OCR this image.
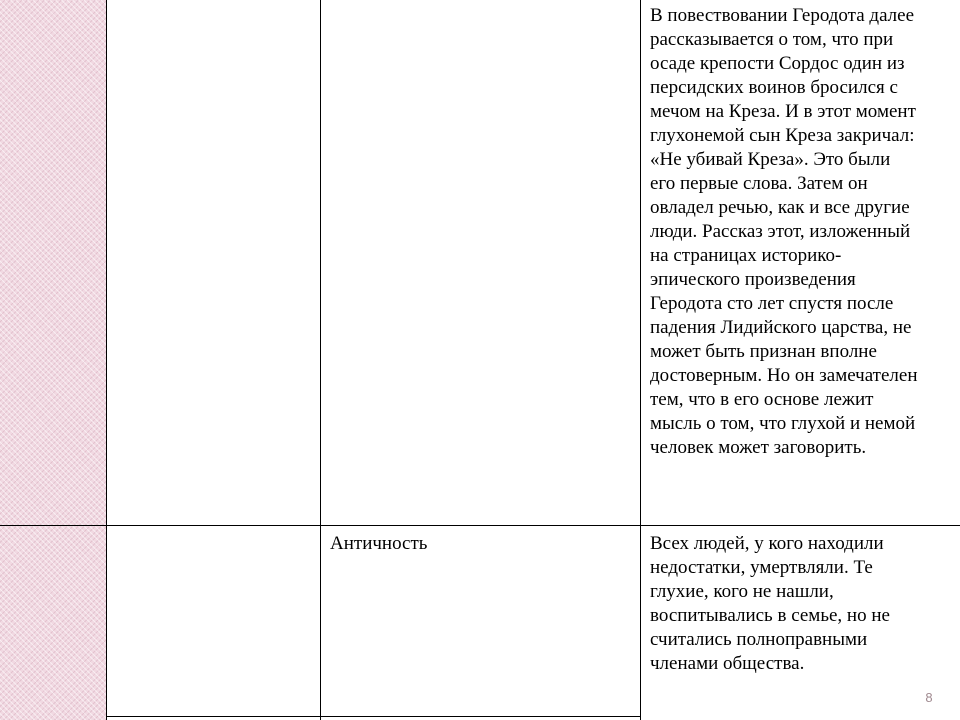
В повествовании Геродота далее
рассказывается о том, что при
осаде крепости Сордос один из
персидских воинов бросился с
мечом на Креза. И в этот момент
глухонемой сын Креза закричал:
«Не убивай Креза». Это были
его первые слова. Затем он
овладел речью, как и все другие
люди. Рассказ этот, изложенный
на страницах историко-
эпического произведения
Геродота сто лет спустя после
падения Лидийского царства, не
может быть признан вполне
достоверным. Но он замечателен
тем, что в его основе лежит
мысль о том, что глухой и немой
человек может заговорить.
Античность	Всех людей, у кого находили
недостатки, умертвляли. Те
глухие, кого не нашли,
воспитывались в семье, но не
считались полноправными
членами общества.
8
